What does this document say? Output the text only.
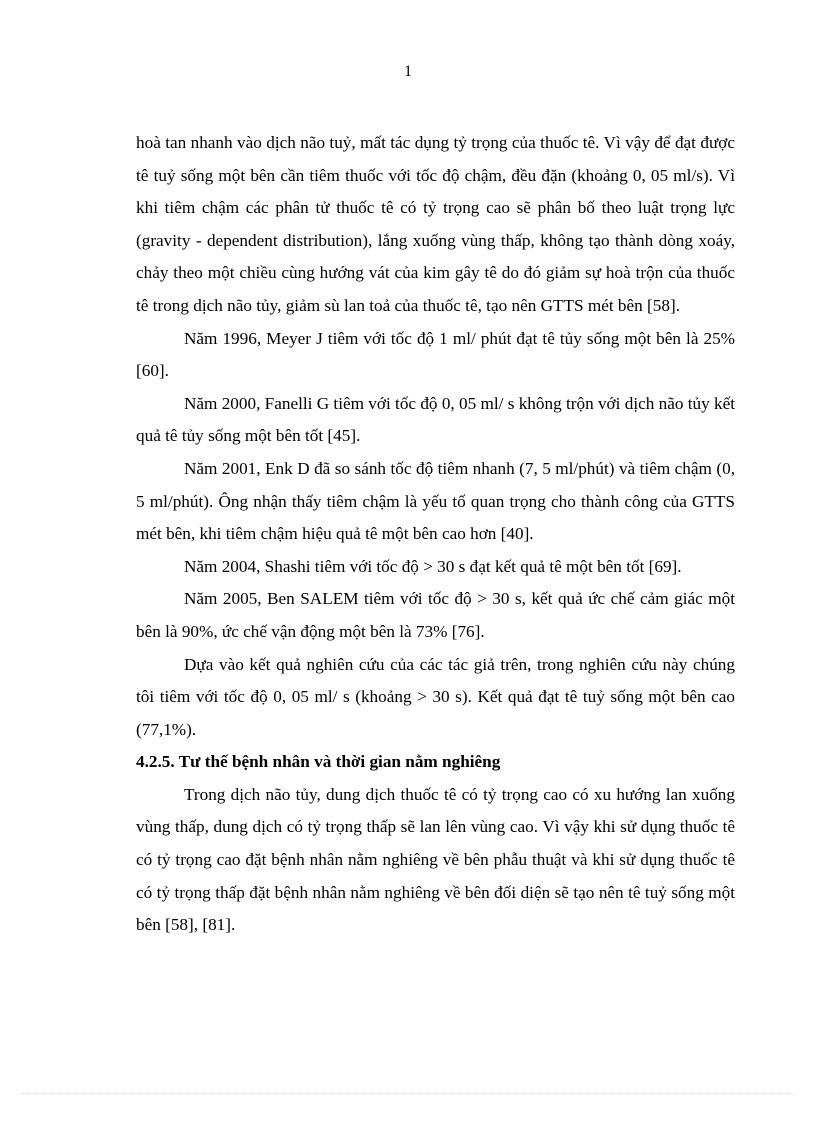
1

hoà tan nhanh vào dịch não tuỷ, mất tác dụng tỷ trọng của thuốc tê. Vì vậy để đạt được tê tuỷ sống một bên cần tiêm thuốc với tốc độ chậm, đều đặn (khoảng 0, 05 ml/s). Vì khi tiêm chậm các phân tử thuốc tê có tỷ trọng cao sẽ phân bố theo luật trọng lực (gravity - dependent distribution), lắng xuống vùng thấp, không tạo thành dòng xoáy, chảy theo một chiều cùng hướng vát của kim gây tê do đó giảm sự hoà trộn của thuốc tê trong dịch não tủy, giảm sù lan toả của thuốc tê, tạo nên GTTS mét bên [58].

Năm 1996, Meyer J tiêm với tốc độ 1 ml/ phút đạt tê tủy sống một bên là 25% [60].

Năm 2000, Fanelli G tiêm với tốc độ 0, 05 ml/ s không trộn với dịch não tủy kết quả tê tủy sống một bên tốt [45].

Năm 2001, Enk D đã so sánh tốc độ tiêm nhanh (7, 5 ml/phút) và tiêm chậm (0, 5 ml/phút). Ông nhận thấy tiêm chậm là yếu tố quan trọng cho thành công của GTTS mét bên, khi tiêm chậm hiệu quả tê một bên cao hơn [40].

Năm 2004, Shashi tiêm với tốc độ > 30 s đạt kết quả tê một bên tốt [69].

Năm 2005, Ben SALEM tiêm với tốc độ > 30 s, kết quả ức chế cảm giác một bên là 90%, ức chế vận động một bên là 73% [76].

Dựa vào kết quả nghiên cứu của các tác giả trên, trong nghiên cứu này chúng tôi tiêm với tốc độ 0, 05 ml/ s (khoảng > 30 s). Kết quả đạt tê tuỷ sống một bên cao (77,1%).

4.2.5. Tư thế bệnh nhân và thời gian nằm nghiêng

Trong dịch não tủy, dung dịch thuốc tê có tỷ trọng cao có xu hướng lan xuống vùng thấp, dung dịch có tỷ trọng thấp sẽ lan lên vùng cao. Vì vậy khi sử dụng thuốc tê có tỷ trọng cao đặt bệnh nhân nằm nghiêng về bên phẫu thuật và khi sử dụng thuốc tê có tỷ trọng thấp đặt bệnh nhân nằm nghiêng về bên đối diện sẽ tạo nên tê tuỷ sống một bên [58], [81].
